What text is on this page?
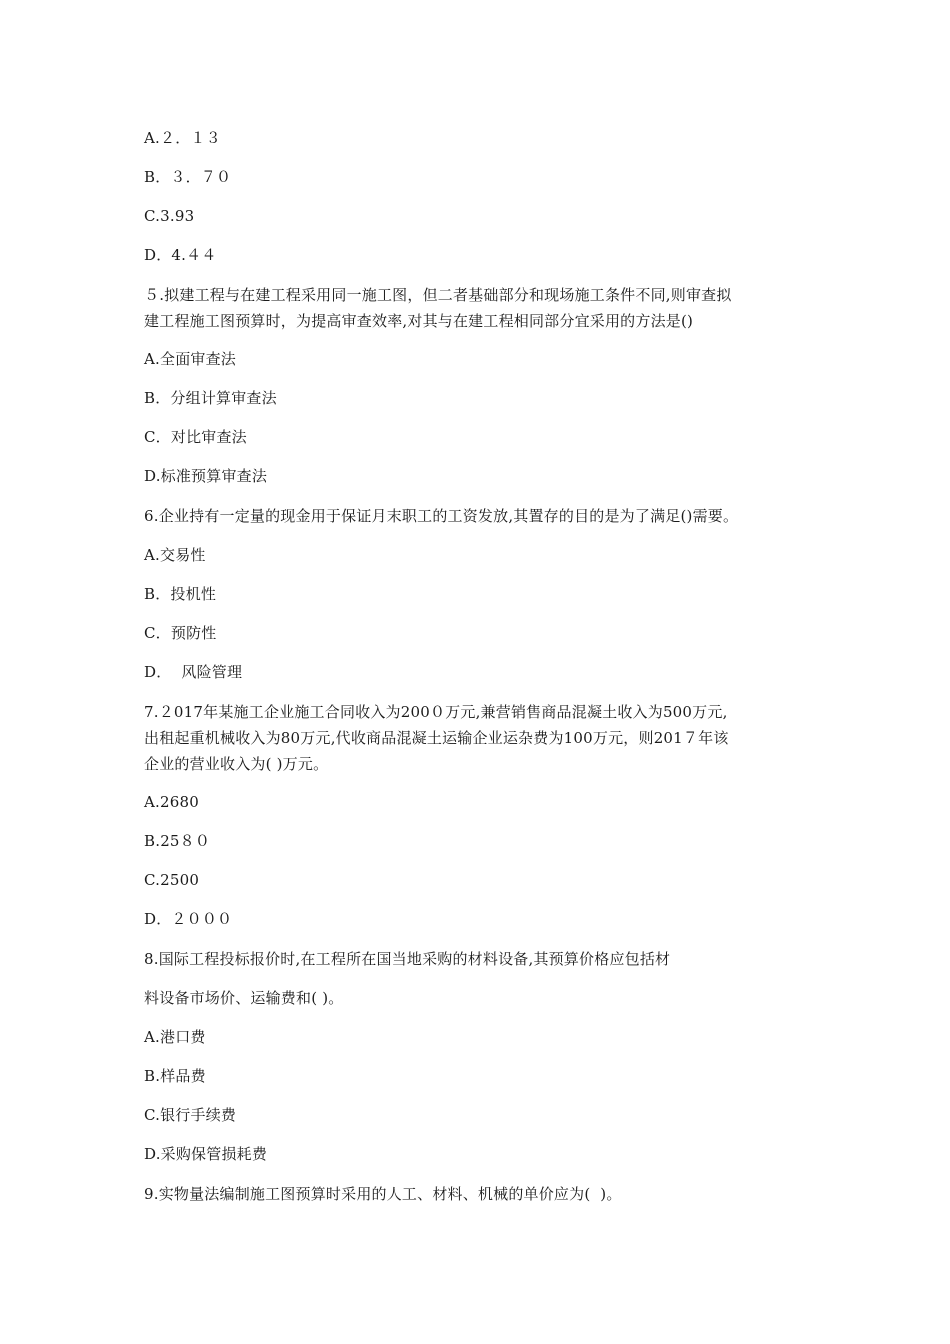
A.２．１３
B．３．７０
C.3.93
D．4.４４
５.拟建工程与在建工程采用同一施工图，但二者基础部分和现场施工条件不同,则审查拟
建工程施工图预算时，为提高审查效率,对其与在建工程相同部分宜采用的方法是()
A.全面审查法
B．分组计算审查法
C．对比审查法
D.标准预算审查法
6.企业持有一定量的现金用于保证月末职工的工资发放,其置存的目的是为了满足()需要。
A.交易性
B．投机性
C．预防性
D．  风险管理
7.２017年某施工企业施工合同收入为200０万元,兼营销售商品混凝土收入为500万元,
出租起重机械收入为80万元,代收商品混凝土运输企业运杂费为100万元，则201７年该
企业的营业收入为( )万元。
A.2680
B.25８０
C.2500
D．２０００
8.国际工程投标报价时,在工程所在国当地采购的材料设备,其预算价格应包括材
料设备市场价、运输费和( )。
A.港口费
B.样品费
C.银行手续费
D.采购保管损耗费
9.实物量法编制施工图预算时采用的人工、材料、机械的单价应为(  )。
